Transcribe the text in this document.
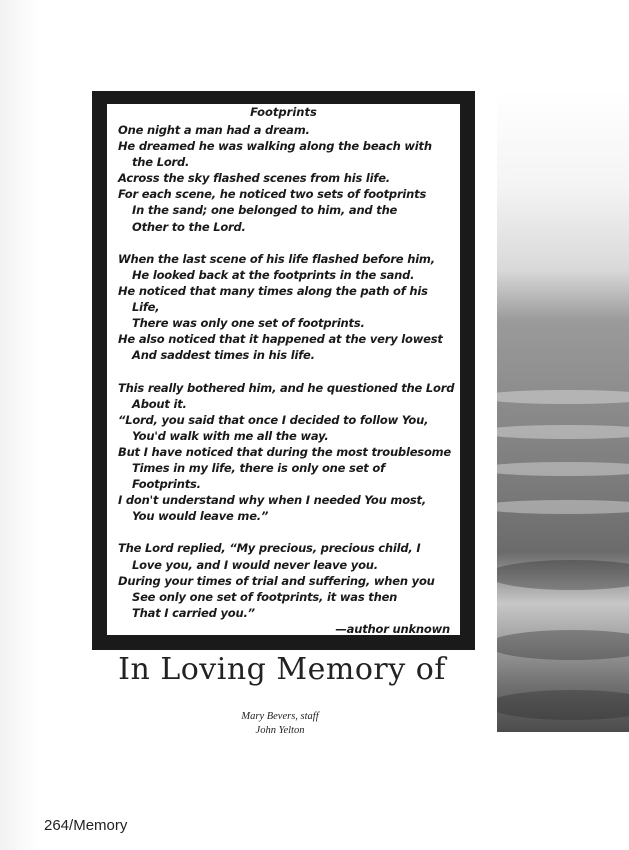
Footprints
One night a man had a dream.
He dreamed he was walking along the beach with
the Lord.
Across the sky flashed scenes from his life.
For each scene, he noticed two sets of footprints
In the sand; one belonged to him, and the
Other to the Lord.
When the last scene of his life flashed before him,
He looked back at the footprints in the sand.
He noticed that many times along the path of his
Life,
There was only one set of footprints.
He also noticed that it happened at the very lowest
And saddest times in his life.
This really bothered him, and he questioned the Lord
About it.
“Lord, you said that once I decided to follow You,
You'd walk with me all the way.
But I have noticed that during the most troublesome
Times in my life, there is only one set of
Footprints.
I don't understand why when I needed You most,
You would leave me.”
The Lord replied, “My precious, precious child, I
Love you, and I would never leave you.
During your times of trial and suffering, when you
See only one set of footprints, it was then
That I carried you.”
—author unknown
In Loving Memory of
Mary Bevers, staff
John Yelton
264/Memory
